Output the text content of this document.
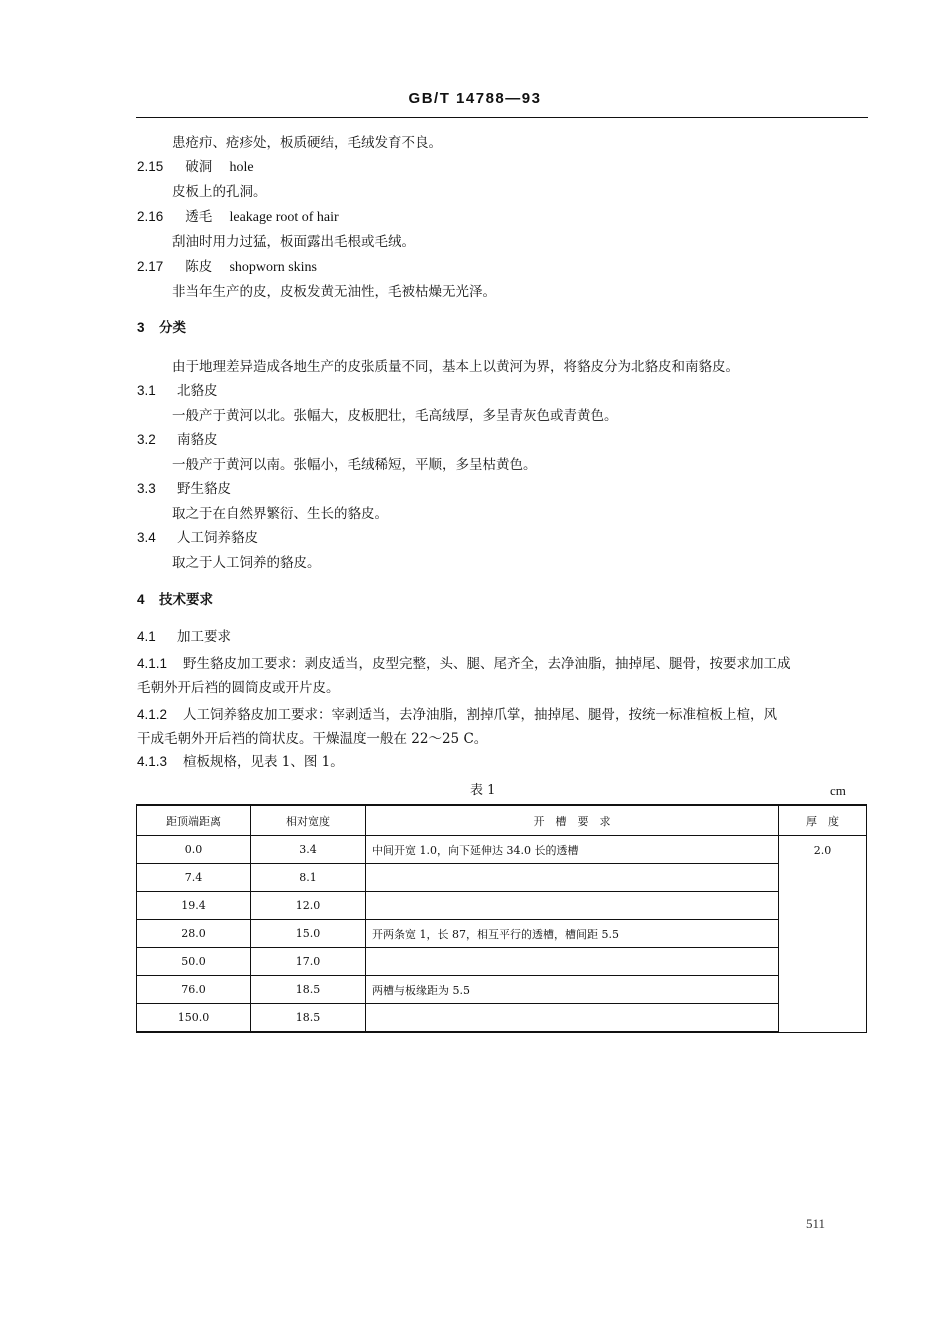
GB/T 14788—93
患疮疖、疮疹处，板质硬结，毛绒发育不良。
2.15 破洞 hole
皮板上的孔洞。
2.16 透毛 leakage root of hair
刮油时用力过猛，板面露出毛根或毛绒。
2.17 陈皮 shopworn skins
非当年生产的皮，皮板发黄无油性，毛被枯燥无光泽。
3 分类
由于地理差异造成各地生产的皮张质量不同，基本上以黄河为界，将貉皮分为北貉皮和南貉皮。
3.1 北貉皮
一般产于黄河以北。张幅大，皮板肥壮，毛高绒厚，多呈青灰色或青黄色。
3.2 南貉皮
一般产于黄河以南。张幅小，毛绒稀短，平顺，多呈枯黄色。
3.3 野生貉皮
取之于在自然界繁衍、生长的貉皮。
3.4 人工饲养貉皮
取之于人工饲养的貉皮。
4 技术要求
4.1 加工要求
4.1.1 野生貉皮加工要求：剥皮适当，皮型完整，头、腿、尾齐全，去净油脂，抽掉尾、腿骨，按要求加工成
毛朝外开后裆的圆筒皮或开片皮。
4.1.2 人工饲养貉皮加工要求：宰剥适当，去净油脂，割掉爪掌，抽掉尾、腿骨，按统一标准楦板上楦，风
干成毛朝外开后裆的筒状皮。干燥温度一般在 22～25 C。
4.1.3 楦板规格，见表 1、图 1。
表 1	cm
距顶端距离	相对宽度	开　槽　要　求	厚　度
0.0	3.4	中间开宽 1.0，向下延伸达 34.0 长的透槽	2.0
7.4	8.1		
19.4	12.0		
28.0	15.0	开两条宽 1，长 87，相互平行的透槽，槽间距 5.5	
50.0	17.0		
76.0	18.5	两槽与板缘距为 5.5	
150.0	18.5		
511
